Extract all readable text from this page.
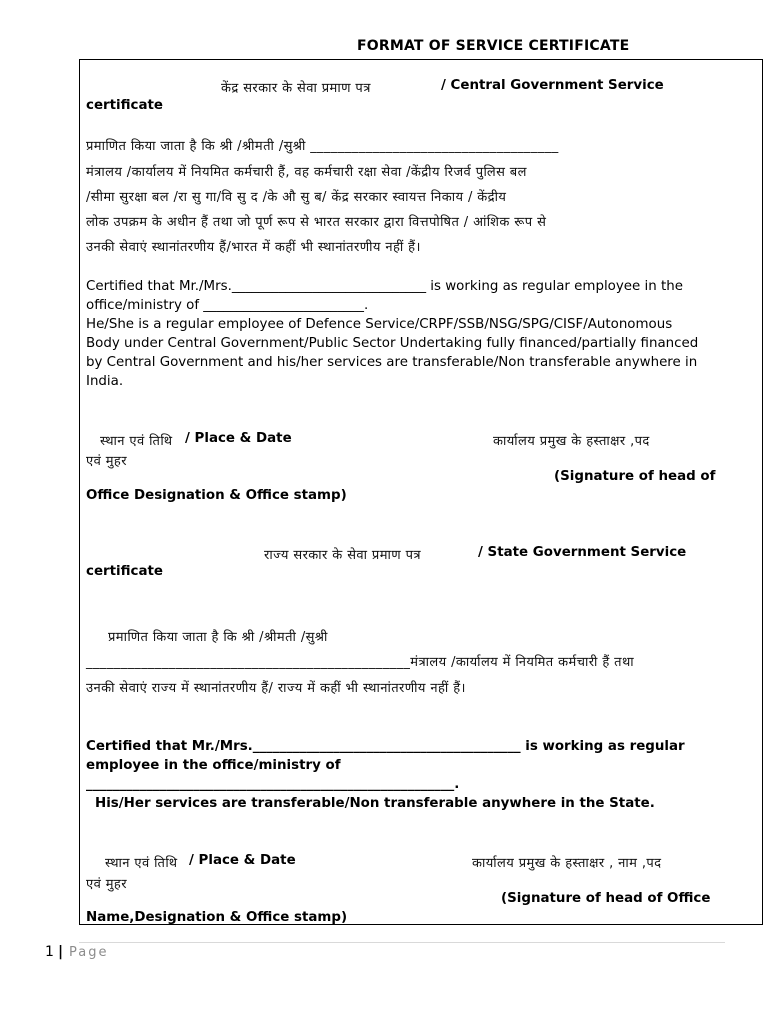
FORMAT OF SERVICE CERTIFICATE
केंद्र सरकार के सेवा प्रमाण पत्र	/ Central Government Service
certificate
प्रमाणित किया जाता है कि श्री /श्रीमती /सुश्री ____________________________________
मंत्रालय /कार्यालय में नियमित कर्मचारी हैं, वह कर्मचारी रक्षा सेवा /केंद्रीय रिजर्व पुलिस बल
/सीमा सुरक्षा बल /रा सु गा/वि सु द /के औ सु ब/ केंद्र सरकार स्वायत्त निकाय / केंद्रीय
लोक उपक्रम के अधीन हैं तथा जो पूर्ण रूप से भारत सरकार द्वारा वित्तपोषित / आंशिक रूप से
उनकी सेवाएं स्थानांतरणीय हैं/भारत में कहीं भी स्थानांतरणीय नहीं हैं।
Certified that Mr./Mrs._____________________________ is working as regular employee in the
office/ministry of ________________________.
He/She is a regular employee of Defence Service/CRPF/SSB/NSG/SPG/CISF/Autonomous
Body under Central Government/Public Sector Undertaking fully financed/partially financed
by Central Government and his/her services are transferable/Non transferable anywhere in
India.
स्थान एवं तिथि / Place & Date	कार्यालय प्रमुख के हस्ताक्षर ,पद
एवं मुहर
(Signature of head of
Office Designation & Office stamp)
राज्य सरकार के सेवा प्रमाण पत्र	/ State Government Service
certificate
प्रमाणित किया जाता है कि श्री /श्रीमती /सुश्री
_______________________________________________मंत्रालय /कार्यालय में नियमित कर्मचारी हैं तथा
उनकी सेवाएं राज्य में स्थानांतरणीय हैं/ राज्य में कहीं भी स्थानांतरणीय नहीं हैं।
Certified that Mr./Mrs.________________________________________ is working as regular
employee in the office/ministry of
_______________________________________________________.
His/Her services are transferable/Non transferable anywhere in the State.
स्थान एवं तिथि / Place & Date	कार्यालय प्रमुख के हस्ताक्षर , नाम ,पद
एवं मुहर
(Signature of head of Office
Name,Designation & Office stamp)
1 | Page
